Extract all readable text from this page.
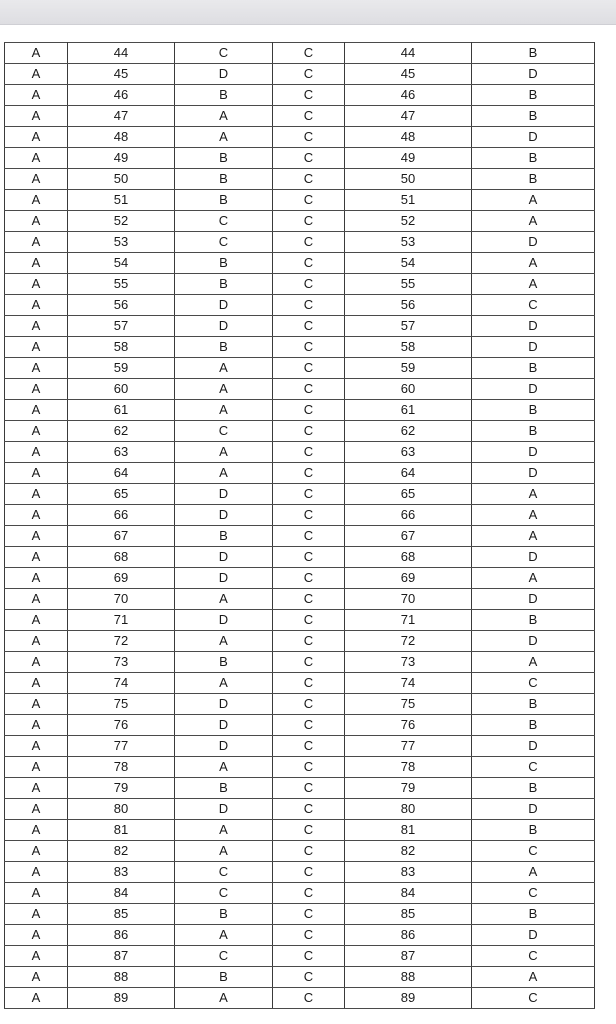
A	44	C	C	44	B
A	45	D	C	45	D
A	46	B	C	46	B
A	47	A	C	47	B
A	48	A	C	48	D
A	49	B	C	49	B
A	50	B	C	50	B
A	51	B	C	51	A
A	52	C	C	52	A
A	53	C	C	53	D
A	54	B	C	54	A
A	55	B	C	55	A
A	56	D	C	56	C
A	57	D	C	57	D
A	58	B	C	58	D
A	59	A	C	59	B
A	60	A	C	60	D
A	61	A	C	61	B
A	62	C	C	62	B
A	63	A	C	63	D
A	64	A	C	64	D
A	65	D	C	65	A
A	66	D	C	66	A
A	67	B	C	67	A
A	68	D	C	68	D
A	69	D	C	69	A
A	70	A	C	70	D
A	71	D	C	71	B
A	72	A	C	72	D
A	73	B	C	73	A
A	74	A	C	74	C
A	75	D	C	75	B
A	76	D	C	76	B
A	77	D	C	77	D
A	78	A	C	78	C
A	79	B	C	79	B
A	80	D	C	80	D
A	81	A	C	81	B
A	82	A	C	82	C
A	83	C	C	83	A
A	84	C	C	84	C
A	85	B	C	85	B
A	86	A	C	86	D
A	87	C	C	87	C
A	88	B	C	88	A
A	89	A	C	89	C
